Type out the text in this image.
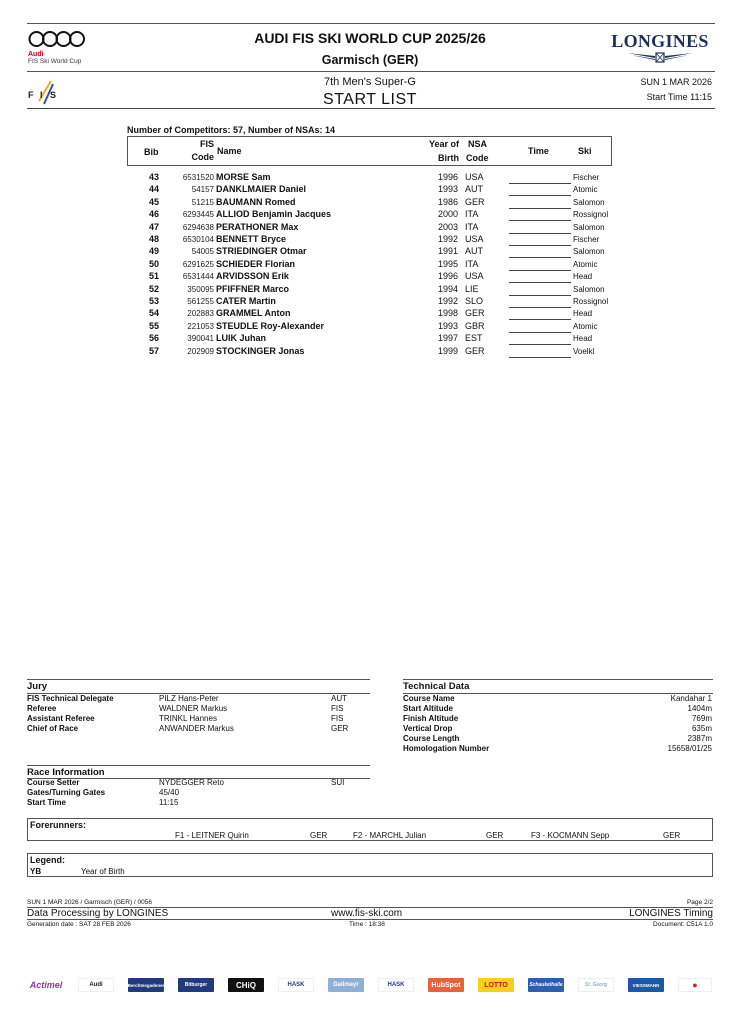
Audi
FIS Ski World Cup
F I S
AUDI FIS SKI WORLD CUP 2025/26
Garmisch (GER)
7th Men's Super-G
START LIST
LONGINES
SUN 1 MAR 2026
Start Time 11:15
Number of Competitors: 57, Number of NSAs: 14
Bib
FIS
Code
Name
Year of
Birth
NSA
Code
Time	Ski
43	6531520 MORSE Sam	1996 USA	Fischer
44	54157 DANKLMAIER Daniel	1993 AUT	Atomic
45	51215 BAUMANN Romed	1986 GER	Salomon
46	6293445 ALLIOD Benjamin Jacques	2000 ITA	Rossignol
47	6294638 PERATHONER Max	2003 ITA	Salomon
48	6530104 BENNETT Bryce	1992 USA	Fischer
49	54005 STRIEDINGER Otmar	1991 AUT	Salomon
50	6291625 SCHIEDER Florian	1995 ITA	Atomic
51	6531444 ARVIDSSON Erik	1996 USA	Head
52	350095 PFIFFNER Marco	1994 LIE	Salomon
53	561255 CATER Martin	1992 SLO	Rossignol
54	202883 GRAMMEL Anton	1998 GER	Head
55	221053 STEUDLE Roy-Alexander	1993 GBR	Atomic
56	390041 LUIK Juhan	1997 EST	Head
57	202909 STOCKINGER Jonas	1999 GER	Voelkl
Jury
FIS Technical Delegate	PILZ Hans-Peter	AUT
Referee	WALDNER Markus	FIS
Assistant Referee	TRINKL Hannes	FIS
Chief of Race	ANWANDER Markus	GER
Race Information
Course Setter	NYDEGGER Reto	SUI
Gates/Turning Gates	45/40
Start Time	11:15
Technical Data
Course Name	Kandahar 1
Start Altitude	1404m
Finish Altitude	769m
Vertical Drop	635m
Course Length	2387m
Homologation Number	15658/01/25
Forerunners:
F1 - LEITNER Quirin	GER	F2 - MARCHL Julian	GER	F3 - KOCMANN Sepp	GER
Legend:
YB	Year of Birth
SUN 1 MAR 2026 / Garmisch (GER) / 0056	Page 2/2
Data Processing by LONGINES	www.fis-ski.com	LONGINES Timing
Generation date : SAT 28 FEB 2026	Time : 18:38	Document: C51A 1.0
Actimel	Audi	Berchtesgadener	Bitburger	CHiQ	HASK	Dallmayr	HASK	HubSpot	LOTTO	Schaukelhalle	St. Georg	VIESSMANN	●
